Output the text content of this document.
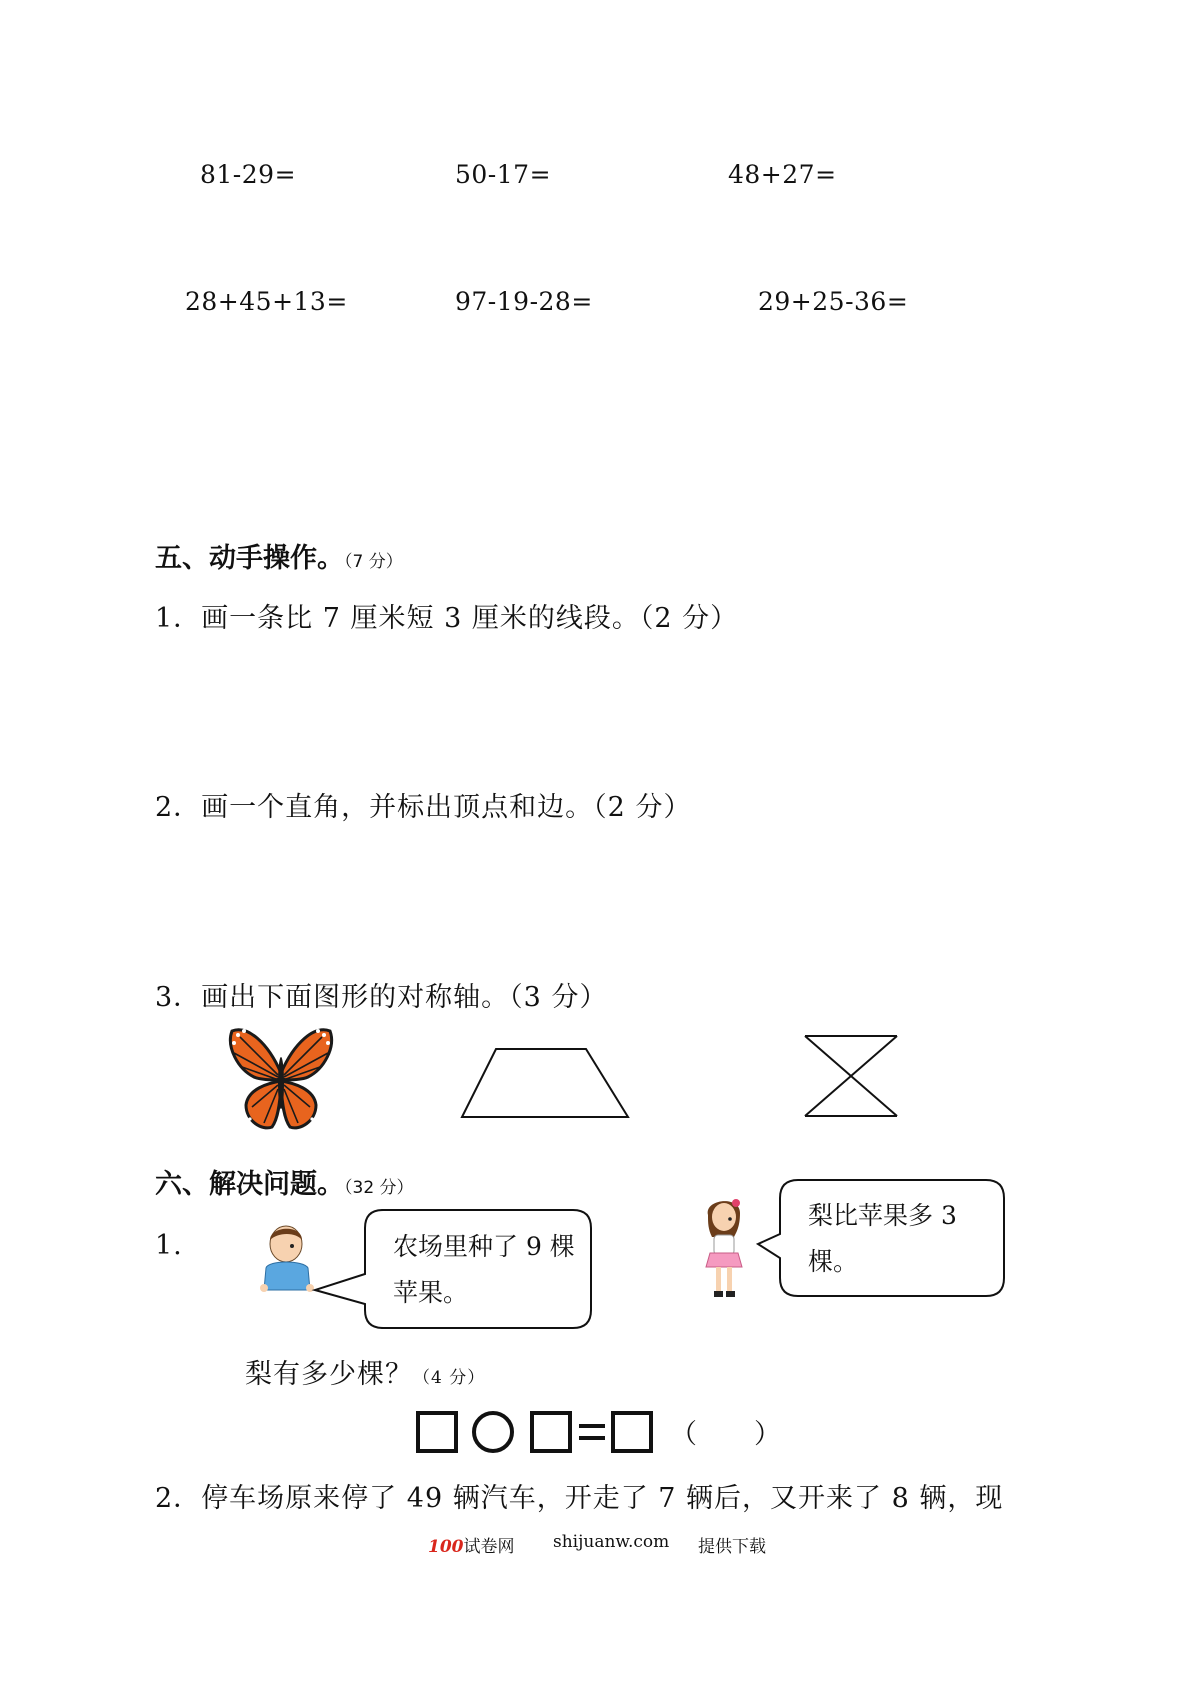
81-29=	50-17=	48+27=
28+45+13=	97-19-28=	29+25-36=
五、动手操作。（7 分）
1．画一条比 7 厘米短 3 厘米的线段。（2 分）
2．画一个直角，并标出顶点和边。（2 分）
3．画出下面图形的对称轴。（3 分）
六、解决问题。（32 分）
1.	农场里种了 9 棵苹果。
梨比苹果多 3 棵。
梨有多少棵？（4 分）
（　　）
2．停车场原来停了 49 辆汽车，开走了 7 辆后，又开来了 8 辆，现
100试卷网 shijuanw.com 提供下载
